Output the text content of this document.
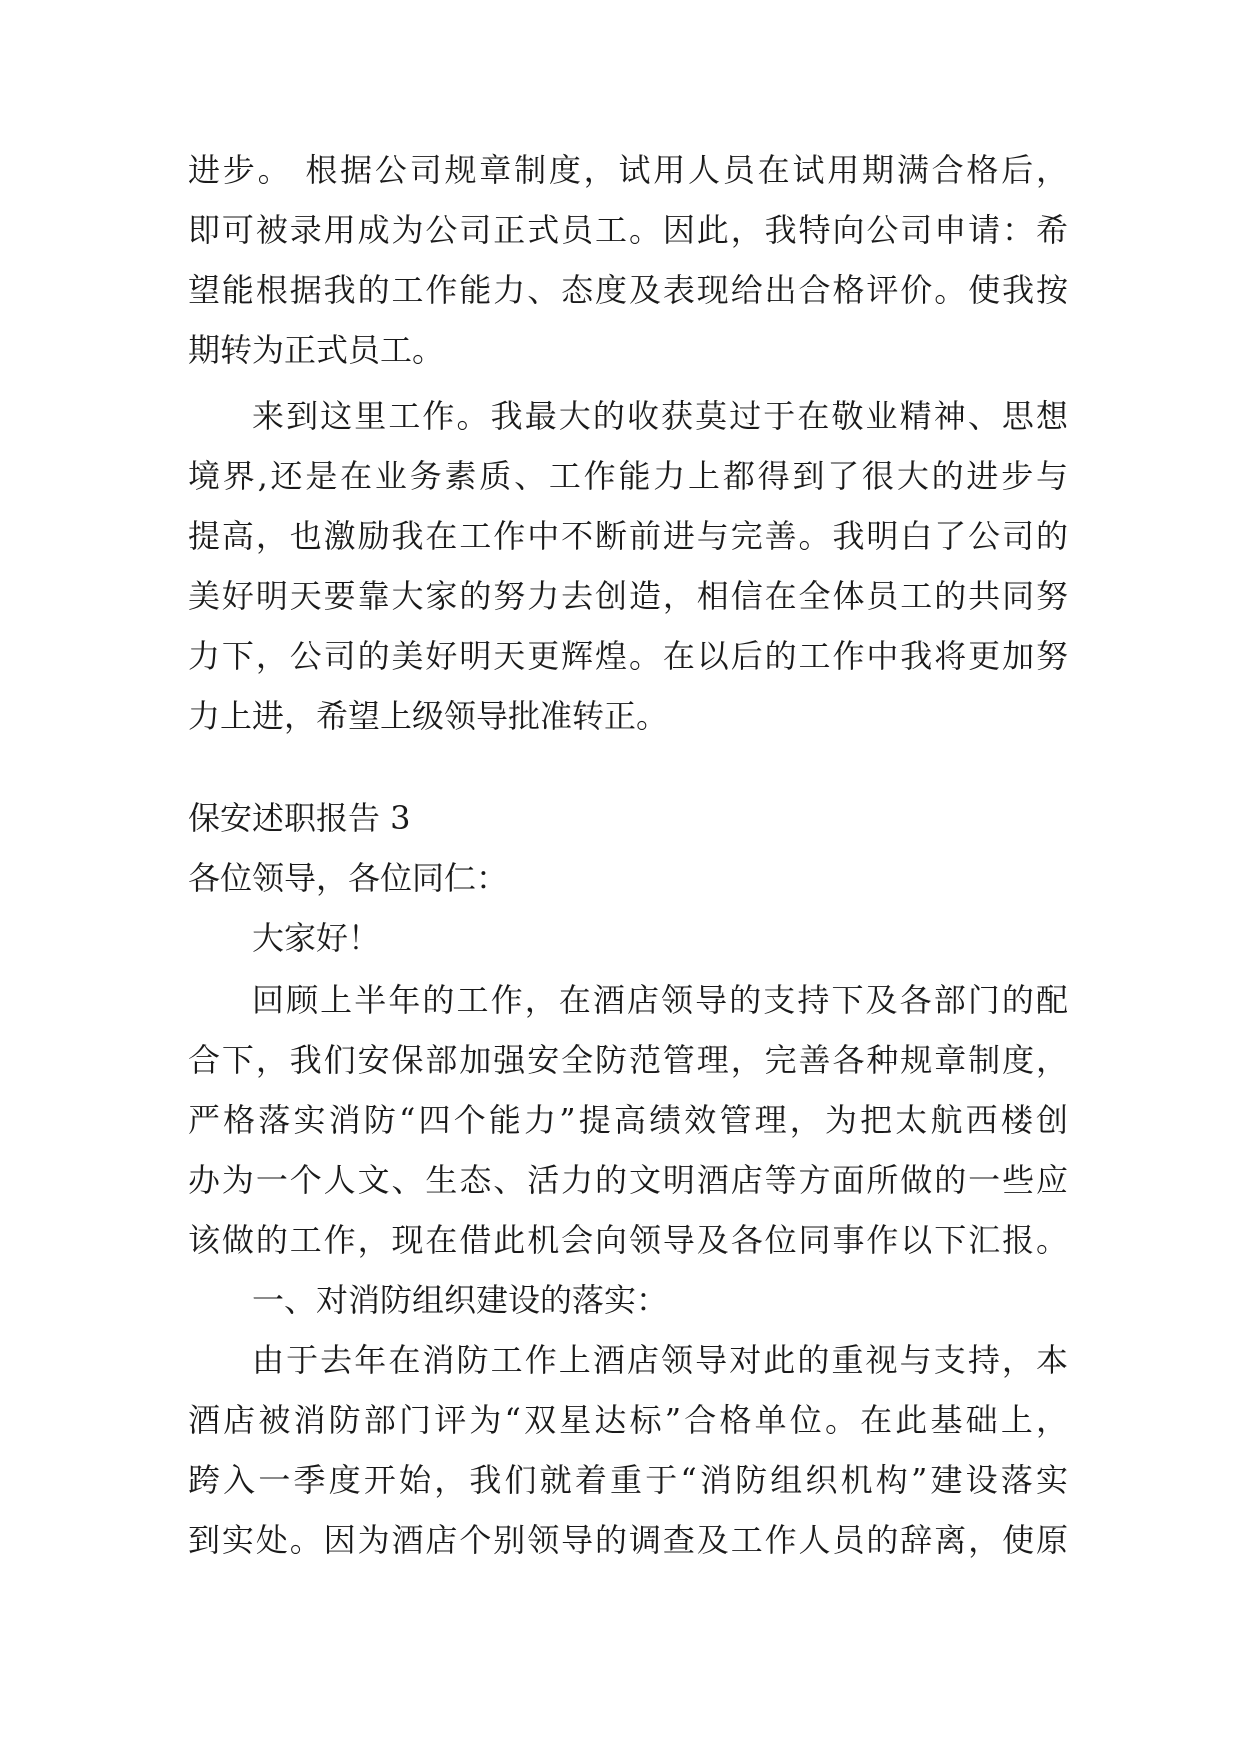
进步。 根据公司规章制度，试用人员在试用期满合格后，
即可被录用成为公司正式员工。因此，我特向公司申请：希
望能根据我的工作能力、态度及表现给出合格评价。使我按
期转为正式员工。
来到这里工作。我最大的收获莫过于在敬业精神、思想
境界,还是在业务素质、工作能力上都得到了很大的进步与
提高，也激励我在工作中不断前进与完善。我明白了公司的
美好明天要靠大家的努力去创造，相信在全体员工的共同努
力下，公司的美好明天更辉煌。在以后的工作中我将更加努
力上进，希望上级领导批准转正。
保安述职报告 3
各位领导，各位同仁：
大家好！
回顾上半年的工作，在酒店领导的支持下及各部门的配
合下，我们安保部加强安全防范管理，完善各种规章制度，
严格落实消防“四个能力”提高绩效管理，为把太航西楼创
办为一个人文、生态、活力的文明酒店等方面所做的一些应
该做的工作，现在借此机会向领导及各位同事作以下汇报。
一、对消防组织建设的落实：
由于去年在消防工作上酒店领导对此的重视与支持，本
酒店被消防部门评为“双星达标”合格单位。在此基础上，
跨入一季度开始，我们就着重于“消防组织机构”建设落实
到实处。因为酒店个别领导的调查及工作人员的辞离，使原
